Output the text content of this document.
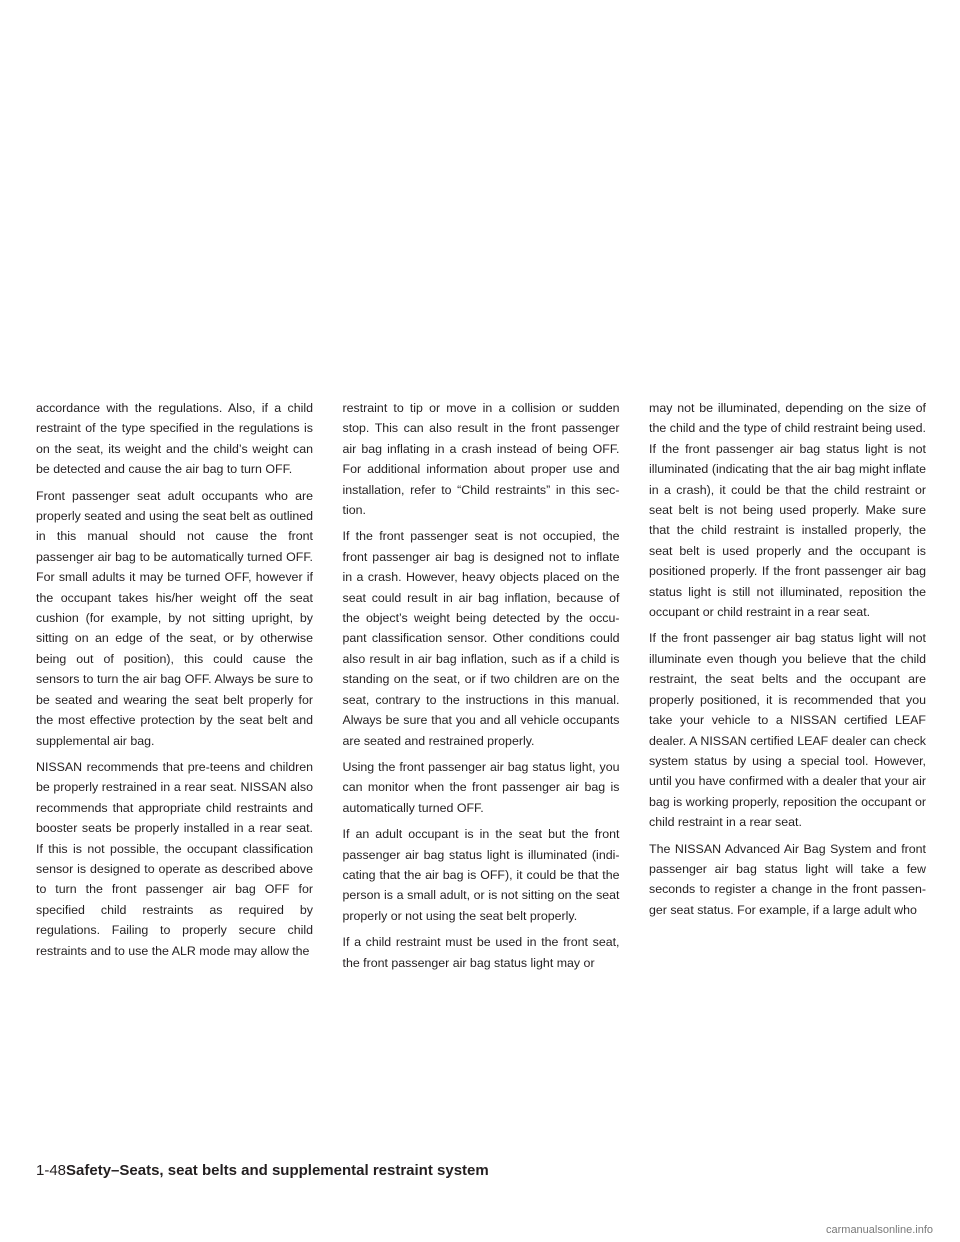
accordance with the regulations. Also, if a child restraint of the type specified in the regulations is on the seat, its weight and the child’s weight can be detected and cause the air bag to turn OFF.

Front passenger seat adult occupants who are properly seated and using the seat belt as outlined in this manual should not cause the front passenger air bag to be automatically turned OFF. For small adults it may be turned OFF, however if the occupant takes his/her weight off the seat cushion (for example, by not sitting upright, by sitting on an edge of the seat, or by otherwise being out of position), this could cause the sensors to turn the air bag OFF. Always be sure to be seated and wearing the seat belt properly for the most effective protection by the seat belt and supplemental air bag.

NISSAN recommends that pre-teens and children be properly restrained in a rear seat. NISSAN also recommends that appropriate child restraints and booster seats be properly installed in a rear seat. If this is not possible, the occupant classification sensor is designed to operate as described above to turn the front passenger air bag OFF for specified child restraints as required by regulations. Failing to properly secure child restraints and to use the ALR mode may allow the

restraint to tip or move in a collision or sudden stop. This can also result in the front passenger air bag inflating in a crash instead of being OFF. For additional information about proper use and installation, refer to “Child restraints” in this section.

If the front passenger seat is not occupied, the front passenger air bag is designed not to inflate in a crash. However, heavy objects placed on the seat could result in air bag inflation, because of the object’s weight being detected by the occupant classification sensor. Other conditions could also result in air bag inflation, such as if a child is standing on the seat, or if two children are on the seat, contrary to the instructions in this manual. Always be sure that you and all vehicle occupants are seated and restrained properly.

Using the front passenger air bag status light, you can monitor when the front passenger air bag is automatically turned OFF.

If an adult occupant is in the seat but the front passenger air bag status light is illuminated (indicating that the air bag is OFF), it could be that the person is a small adult, or is not sitting on the seat properly or not using the seat belt properly.

If a child restraint must be used in the front seat, the front passenger air bag status light may or

may not be illuminated, depending on the size of the child and the type of child restraint being used. If the front passenger air bag status light is not illuminated (indicating that the air bag might inflate in a crash), it could be that the child restraint or seat belt is not being used properly. Make sure that the child restraint is installed properly, the seat belt is used properly and the occupant is positioned properly. If the front passenger air bag status light is still not illuminated, reposition the occupant or child restraint in a rear seat.

If the front passenger air bag status light will not illuminate even though you believe that the child restraint, the seat belts and the occupant are properly positioned, it is recommended that you take your vehicle to a NISSAN certified LEAF dealer. A NISSAN certified LEAF dealer can check system status by using a special tool. However, until you have confirmed with a dealer that your air bag is working properly, reposition the occupant or child restraint in a rear seat.

The NISSAN Advanced Air Bag System and front passenger air bag status light will take a few seconds to register a change in the front passenger seat status. For example, if a large adult who

1-48Safety–Seats, seat belts and supplemental restraint system
carmanualsonline.info
